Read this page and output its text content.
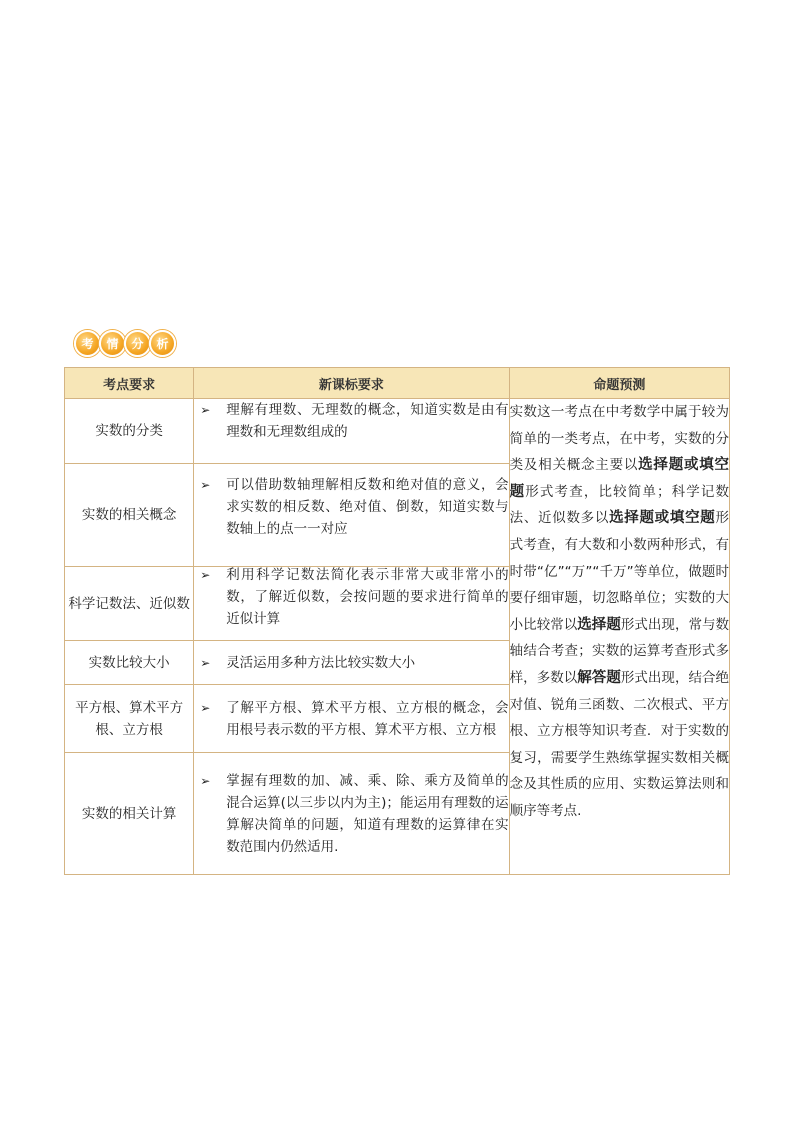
考	情	分	析
考点要求	新课标要求	命题预测
实数的分类	➢ 理解有理数、无理数的概念，知道实数是由有理数和无理数组成的	实数这一考点在中考数学中属于较为简单的一类考点，在中考，实数的分类及相关概念主要以选择题或填空题形式考查，比较简单；科学记数法、近似数多以选择题或填空题形式考查，有大数和小数两种形式，有时带“亿”“万”“千万”等单位，做题时要仔细审题，切忽略单位；实数的大小比较常以选择题形式出现，常与数轴结合考查；实数的运算考查形式多样，多数以解答题形式出现，结合绝对值、锐角三函数、二次根式、平方根、立方根等知识考查．对于实数的复习，需要学生熟练掌握实数相关概念及其性质的应用、实数运算法则和顺序等考点.
实数的相关概念	➢ 可以借助数轴理解相反数和绝对值的意义，会求实数的相反数、绝对值、倒数，知道实数与数轴上的点一一对应	

科学记数法、近似数	➢ 利用科学记数法简化表示非常大或非常小的数，了解近似数，会按问题的要求进行简单的近似计算	

实数比较大小	➢ 灵活运用多种方法比较实数大小	

平方根、算术平方根、立方根	➢ 了解平方根、算术平方根、立方根的概念，会用根号表示数的平方根、算术平方根、立方根	

实数的相关计算	➢ 掌握有理数的加、减、乘、除、乘方及简单的混合运算(以三步以内为主)；能运用有理数的运算解决简单的问题，知道有理数的运算律在实数范围内仍然适用.	
